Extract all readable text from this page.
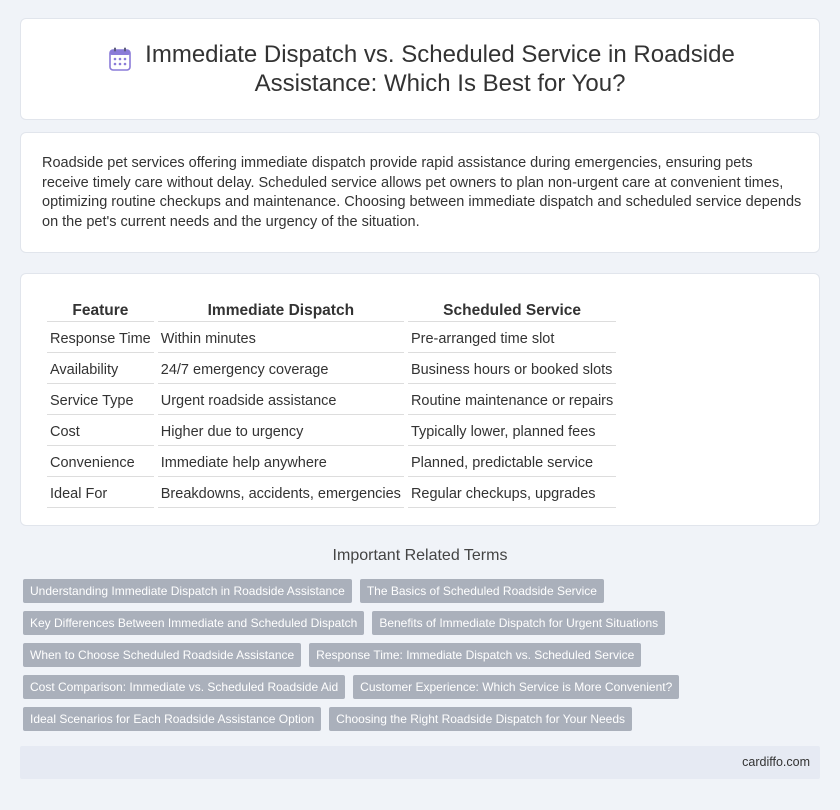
Immediate Dispatch vs. Scheduled Service in Roadside Assistance: Which Is Best for You?

Roadside pet services offering immediate dispatch provide rapid assistance during emergencies, ensuring pets receive timely care without delay. Scheduled service allows pet owners to plan non-urgent care at convenient times, optimizing routine checkups and maintenance. Choosing between immediate dispatch and scheduled service depends on the pet's current needs and the urgency of the situation.

Feature	Immediate Dispatch	Scheduled Service
Response Time	Within minutes	Pre-arranged time slot
Availability	24/7 emergency coverage	Business hours or booked slots
Service Type	Urgent roadside assistance	Routine maintenance or repairs
Cost	Higher due to urgency	Typically lower, planned fees
Convenience	Immediate help anywhere	Planned, predictable service
Ideal For	Breakdowns, accidents, emergencies	Regular checkups, upgrades
Important Related Terms
Understanding Immediate Dispatch in Roadside Assistance	The Basics of Scheduled Roadside Service
Key Differences Between Immediate and Scheduled Dispatch	Benefits of Immediate Dispatch for Urgent Situations
When to Choose Scheduled Roadside Assistance	Response Time: Immediate Dispatch vs. Scheduled Service
Cost Comparison: Immediate vs. Scheduled Roadside Aid	Customer Experience: Which Service is More Convenient?
Ideal Scenarios for Each Roadside Assistance Option	Choosing the Right Roadside Dispatch for Your Needs
cardiffo.com
